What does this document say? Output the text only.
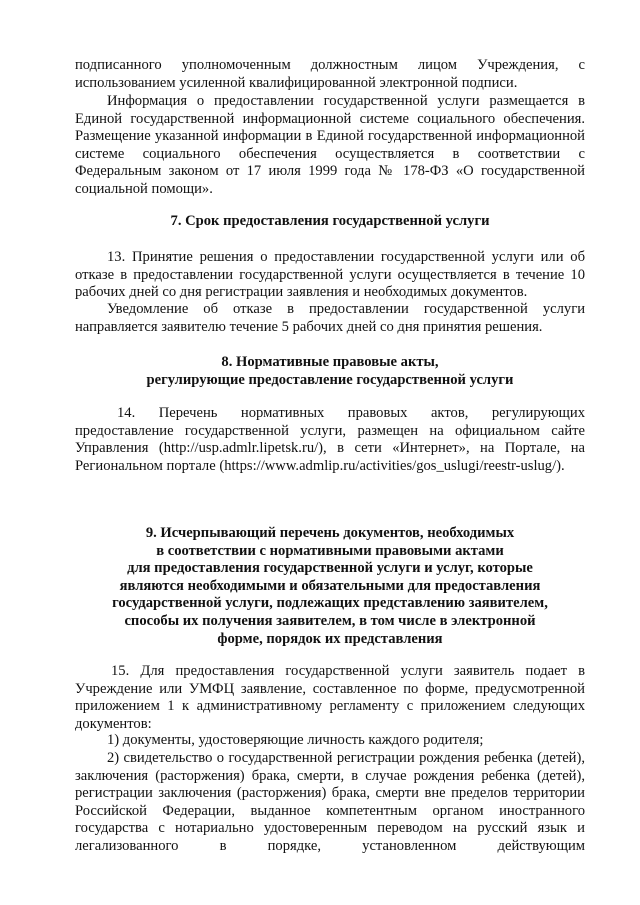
подписанного уполномоченным должностным лицом Учреждения, с использованием усиленной квалифицированной электронной подписи.

Информация о предоставлении государственной услуги размещается в Единой государственной информационной системе социального обеспечения. Размещение указанной информации в Единой государственной информационной системе социального обеспечения осуществляется в соответствии с Федеральным законом от 17 июля 1999 года № 178-ФЗ «О государственной социальной помощи».

7. Срок предоставления государственной услуги

13. Принятие решения о предоставлении государственной услуги или об отказе в предоставлении государственной услуги осуществляется в течение 10 рабочих дней со дня регистрации заявления и необходимых документов.

Уведомление об отказе в предоставлении государственной услуги направляется заявителю течение 5 рабочих дней со дня принятия решения.

8. Нормативные правовые акты,

регулирующие предоставление государственной услуги

14. Перечень нормативных правовых актов, регулирующих предоставление государственной услуги, размещен на официальном сайте Управления (http://usp.admlr.lipetsk.ru/), в сети «Интернет», на Портале, на Региональном портале (https://www.admlip.ru/activities/gos_uslugi/reestr-uslug/).

9. Исчерпывающий перечень документов, необходимых

в соответствии с нормативными правовыми актами

для предоставления государственной услуги и услуг, которые

являются необходимыми и обязательными для предоставления

государственной услуги, подлежащих представлению заявителем,

способы их получения заявителем, в том числе в электронной

форме, порядок их представления

15. Для предоставления государственной услуги заявитель подает в Учреждение или УМФЦ заявление, составленное по форме, предусмотренной приложением 1 к административному регламенту с приложением следующих документов:

1) документы, удостоверяющие личность каждого родителя;

2) свидетельство о государственной регистрации рождения ребенка (детей), заключения (расторжения) брака, смерти, в случае рождения ребенка (детей), регистрации заключения (расторжения) брака, смерти вне пределов территории Российской Федерации, выданное компетентным органом иностранного государства с нотариально удостоверенным переводом на русский язык и легализованного в порядке, установленном действующим
